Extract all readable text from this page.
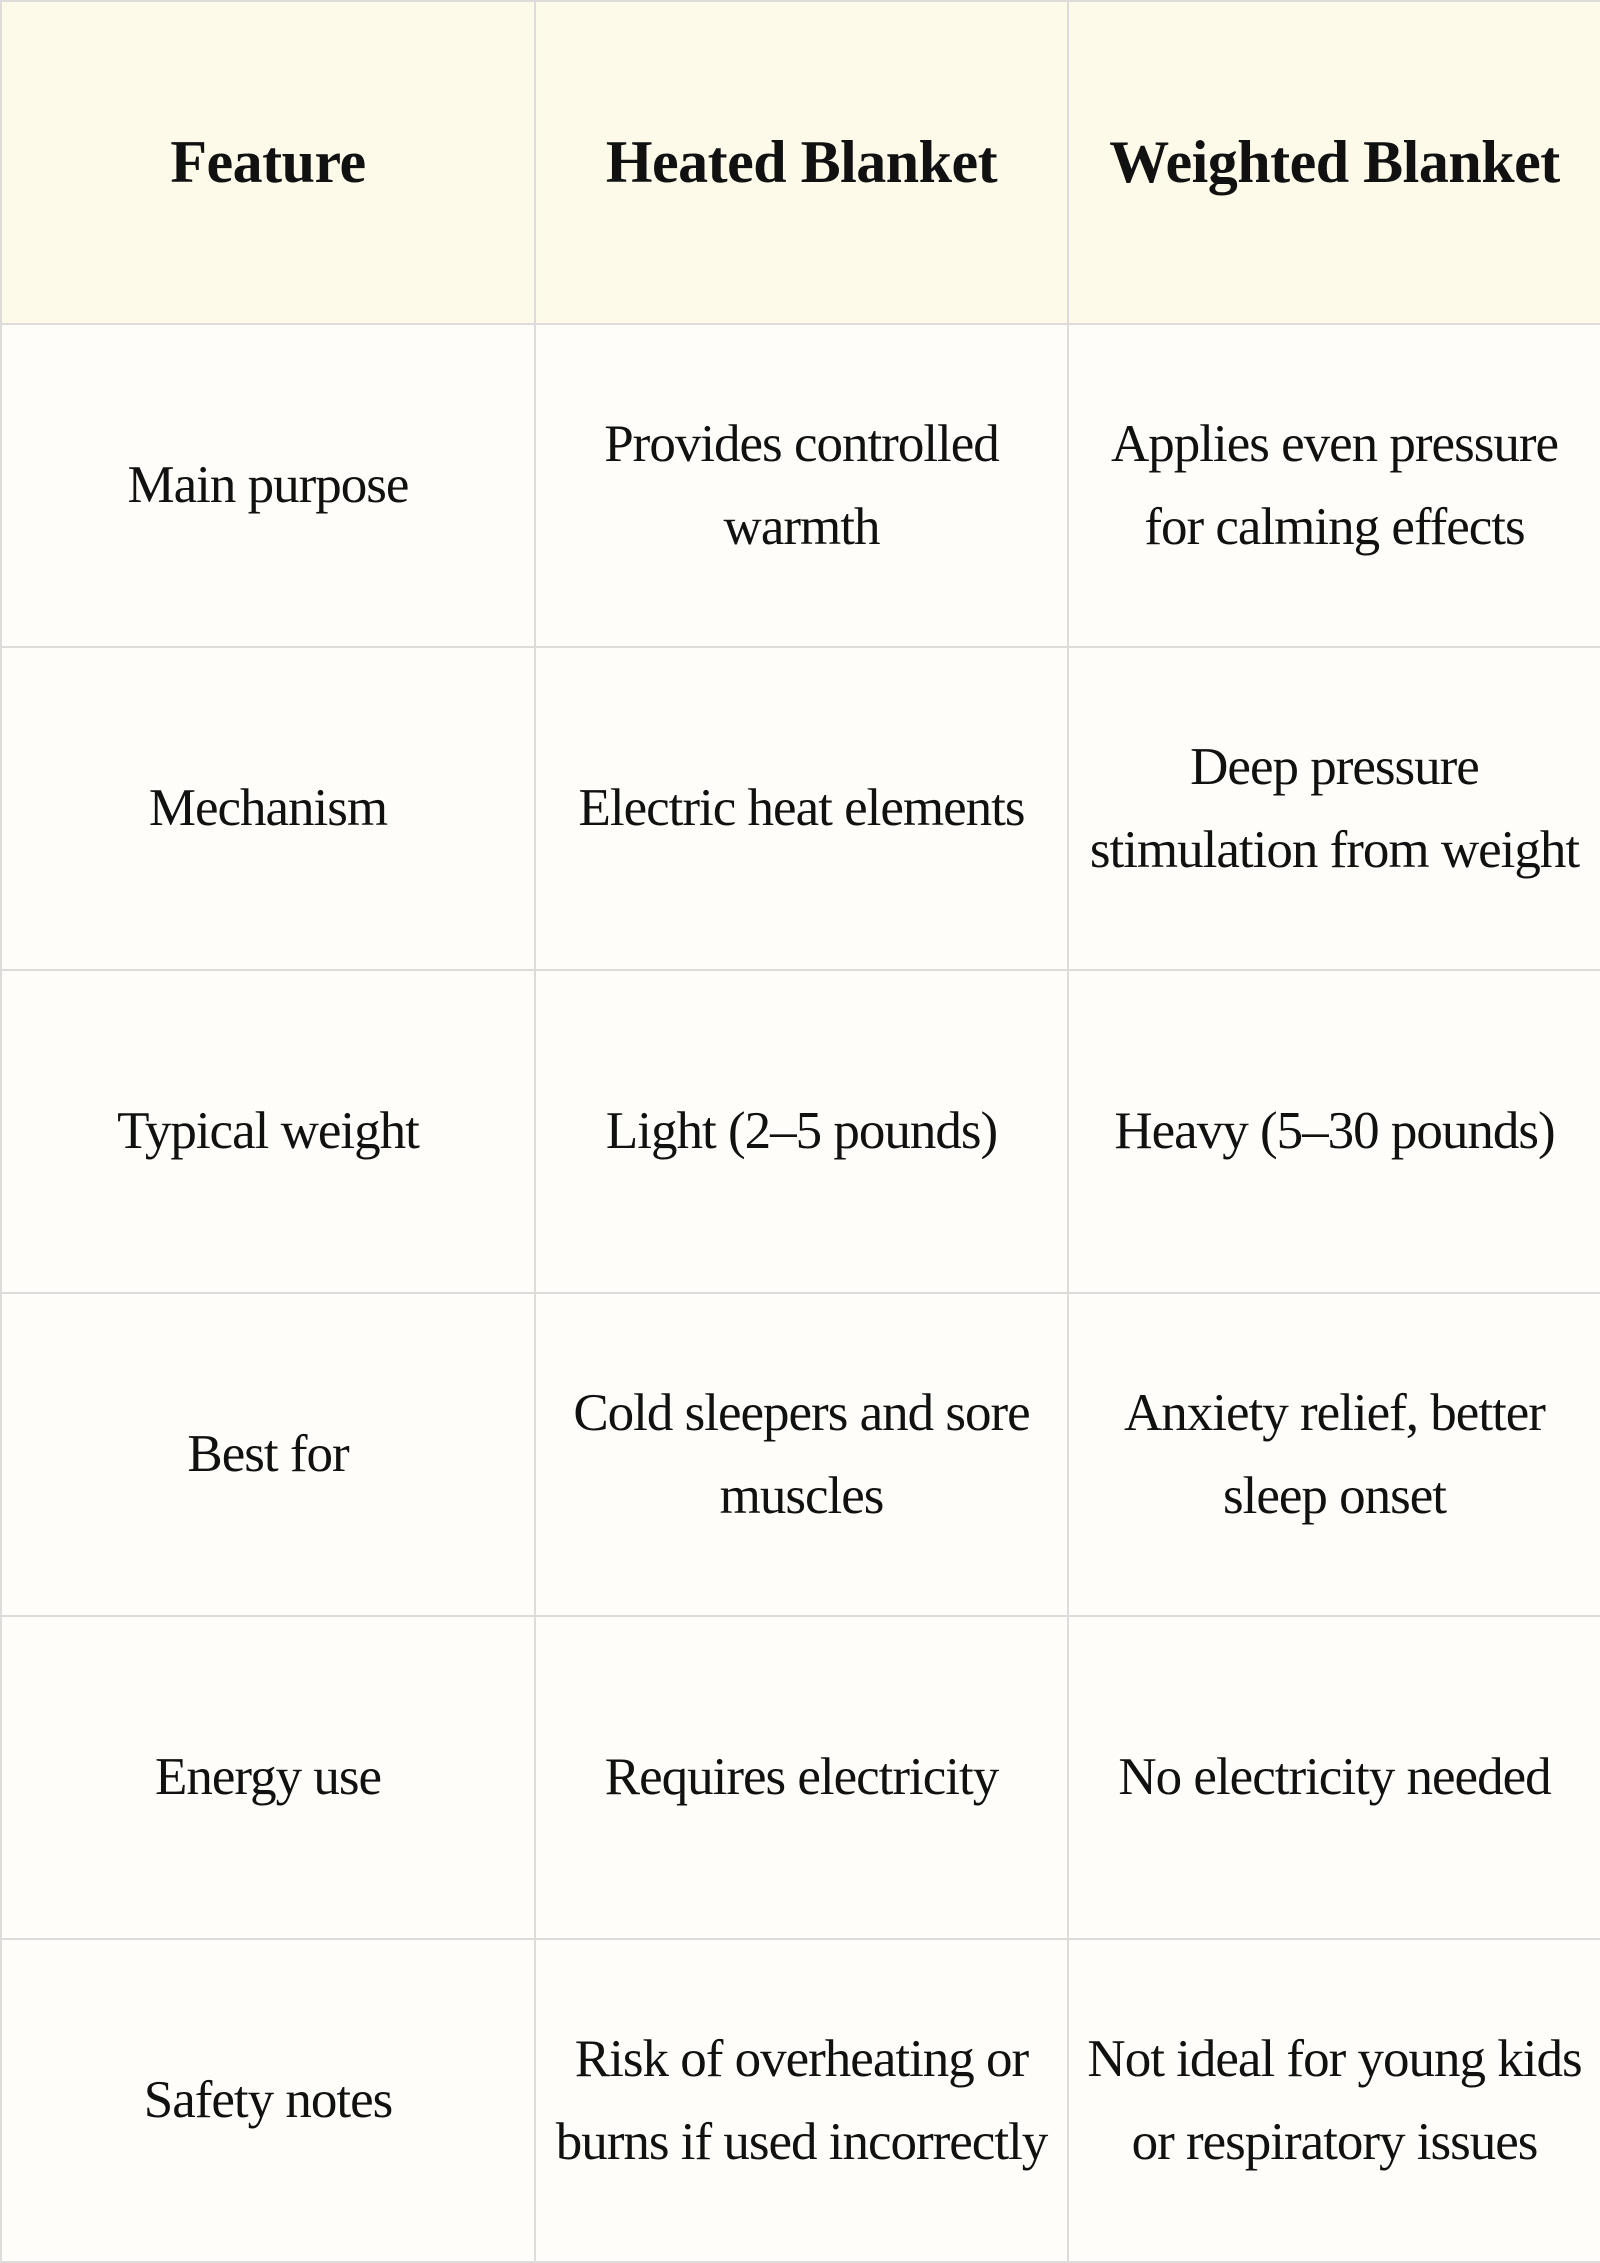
Feature	Heated Blanket	Weighted Blanket
Main purpose	Provides controlled warmth	Applies even pressure for calming effects
Mechanism	Electric heat elements	Deep pressure stimulation from weight
Typical weight	Light (2–5 pounds)	Heavy (5–30 pounds)
Best for	Cold sleepers and sore muscles	Anxiety relief, better sleep onset
Energy use	Requires electricity	No electricity needed
Safety notes	Risk of overheating or burns if used incorrectly	Not ideal for young kids or respiratory issues
